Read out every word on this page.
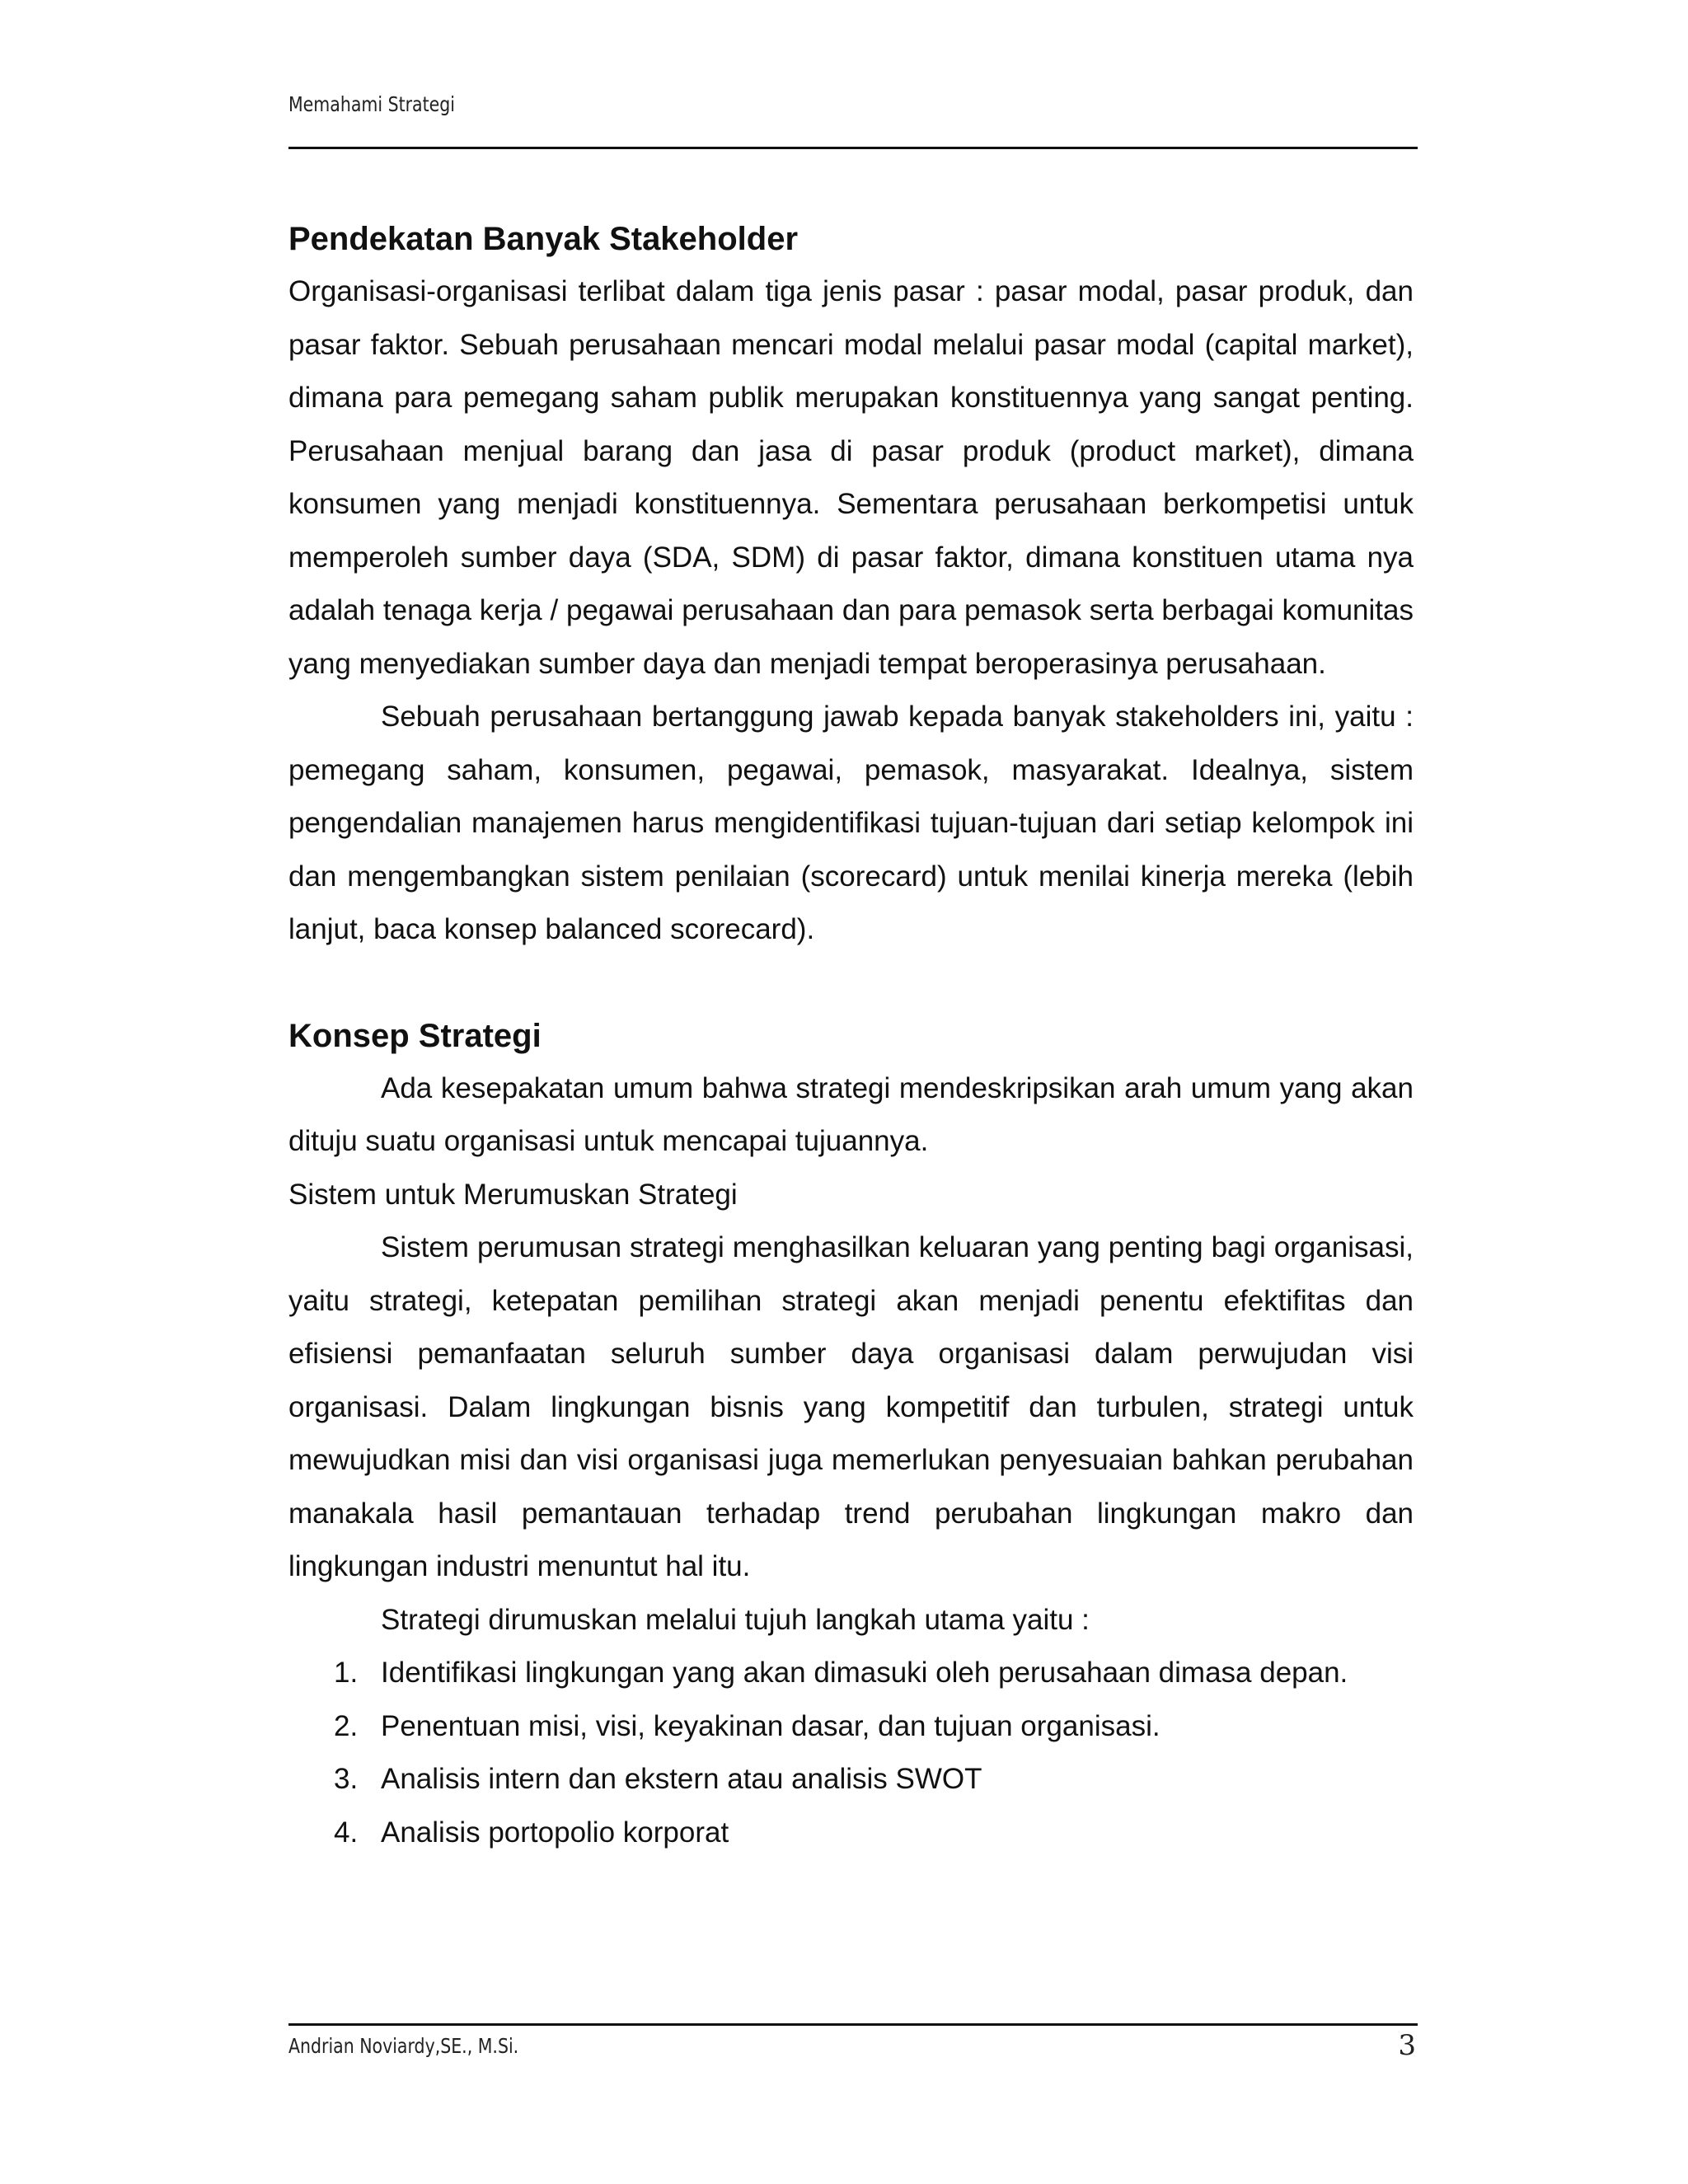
Memahami Strategi
Pendekatan Banyak Stakeholder

Organisasi-organisasi terlibat dalam tiga jenis pasar : pasar modal, pasar produk, dan pasar faktor. Sebuah perusahaan mencari modal melalui pasar modal (capital market), dimana para pemegang saham publik merupakan konstituennya yang sangat penting. Perusahaan menjual barang dan jasa di pasar produk (product market), dimana konsumen yang menjadi konstituennya. Sementara perusahaan berkompetisi untuk memperoleh sumber daya (SDA, SDM) di pasar faktor, dimana konstituen utama nya adalah tenaga kerja / pegawai perusahaan dan para pemasok serta berbagai komunitas yang menyediakan sumber daya dan menjadi tempat beroperasinya perusahaan.

Sebuah perusahaan bertanggung jawab kepada banyak stakeholders ini, yaitu : pemegang saham, konsumen, pegawai, pemasok, masyarakat. Idealnya, sistem pengendalian manajemen harus mengidentifikasi tujuan-tujuan dari setiap kelompok ini dan mengembangkan sistem penilaian (scorecard) untuk menilai kinerja mereka (lebih lanjut, baca konsep balanced scorecard).

Konsep Strategi

Ada kesepakatan umum bahwa strategi mendeskripsikan arah umum yang akan dituju suatu organisasi untuk mencapai tujuannya.

Sistem untuk Merumuskan Strategi

Sistem perumusan strategi menghasilkan keluaran yang penting bagi organisasi, yaitu strategi, ketepatan pemilihan strategi akan menjadi penentu efektifitas dan efisiensi pemanfaatan seluruh sumber daya organisasi dalam perwujudan visi organisasi. Dalam lingkungan bisnis yang kompetitif dan turbulen, strategi untuk mewujudkan misi dan visi organisasi juga memerlukan penyesuaian bahkan perubahan manakala hasil pemantauan terhadap trend perubahan lingkungan makro dan lingkungan industri menuntut hal itu.

Strategi dirumuskan melalui tujuh langkah utama yaitu :

1. Identifikasi lingkungan yang akan dimasuki oleh perusahaan dimasa depan.
2. Penentuan misi, visi, keyakinan dasar, dan tujuan organisasi.
3. Analisis intern dan ekstern atau analisis SWOT
4. Analisis portopolio korporat
Andrian Noviardy,SE., M.Si.	3
